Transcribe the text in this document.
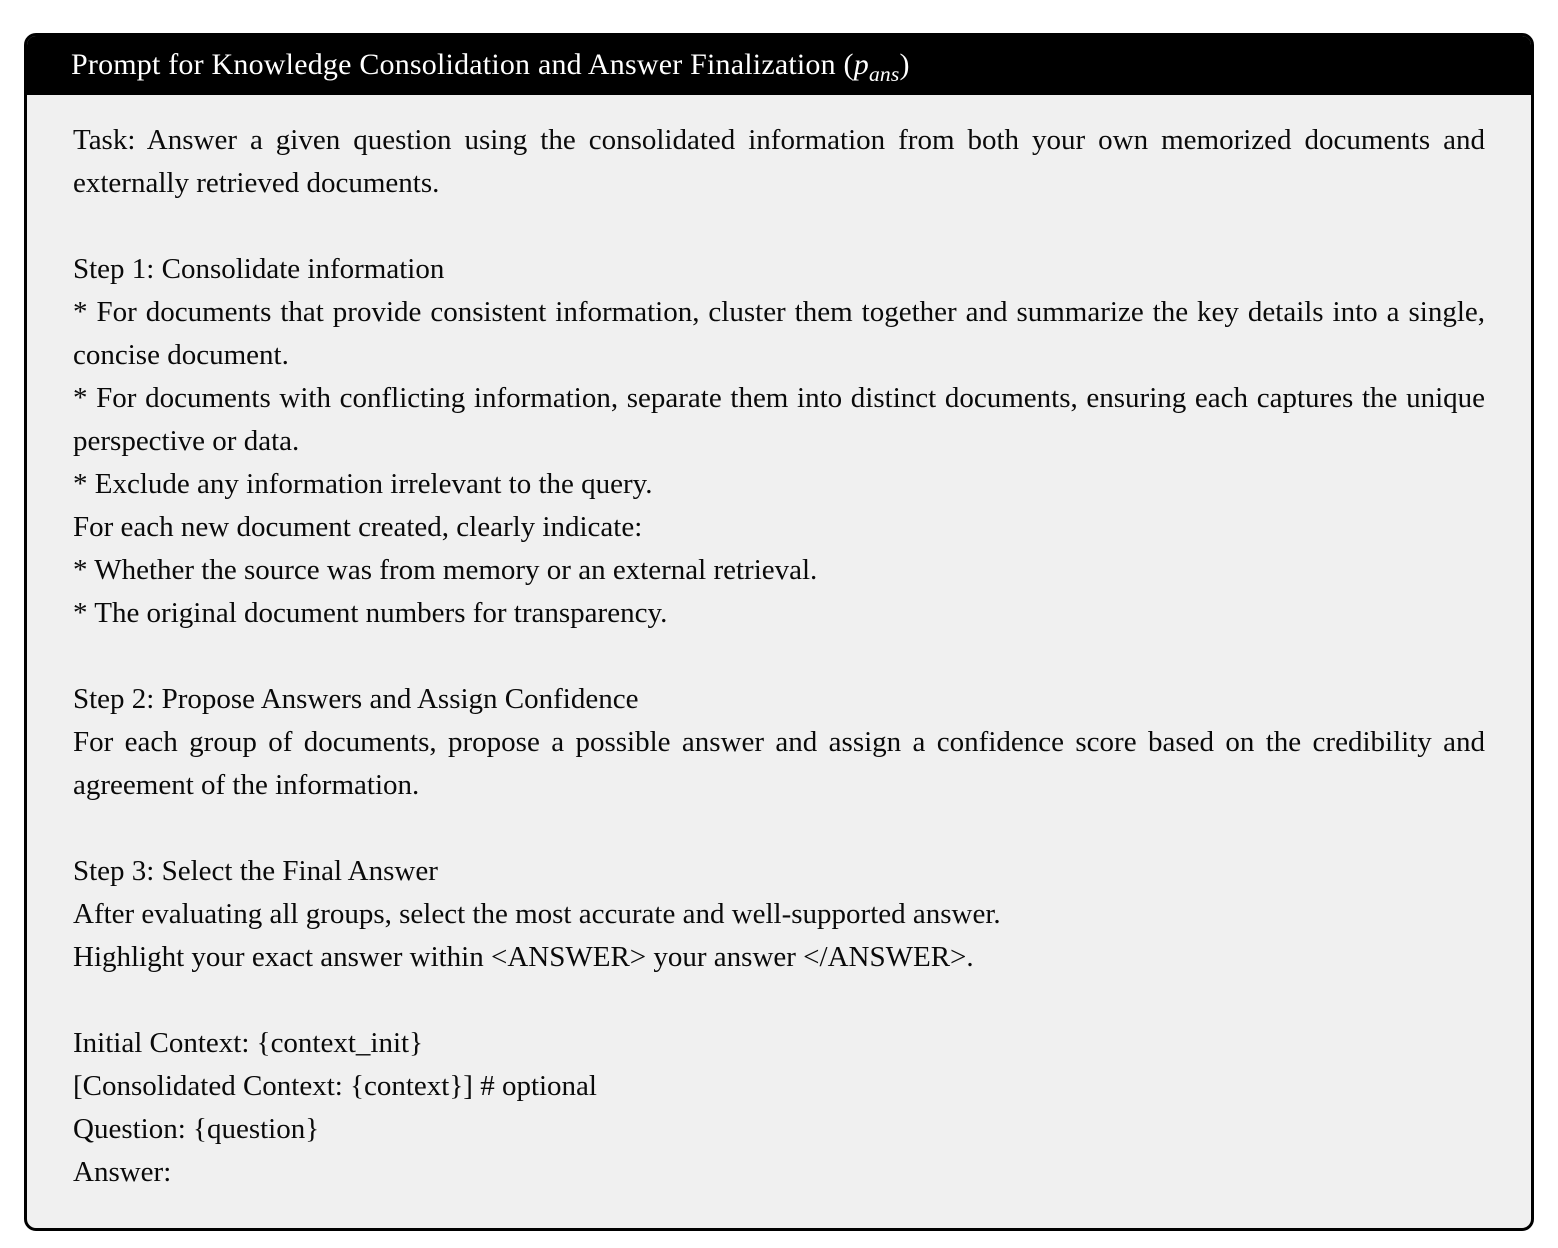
Prompt for Knowledge Consolidation and Answer Finalization $(p_{ans})$

Task: Answer a given question using the consolidated information from both your own memorized documents and externally retrieved documents.

Step 1: Consolidate information

* For documents that provide consistent information, cluster them together and summarize the key details into a single, concise document.

* For documents with conflicting information, separate them into distinct documents, ensuring each captures the unique perspective or data.

* Exclude any information irrelevant to the query.

For each new document created, clearly indicate:

* Whether the source was from memory or an external retrieval.

* The original document numbers for transparency.

Step 2: Propose Answers and Assign Confidence

For each group of documents, propose a possible answer and assign a confidence score based on the credibility and agreement of the information.

Step 3: Select the Final Answer

After evaluating all groups, select the most accurate and well-supported answer.

Highlight your exact answer within <ANSWER> your answer </ANSWER>.

Initial Context: {context_init}

[Consolidated Context: {context}] # optional

Question: {question}

Answer:
